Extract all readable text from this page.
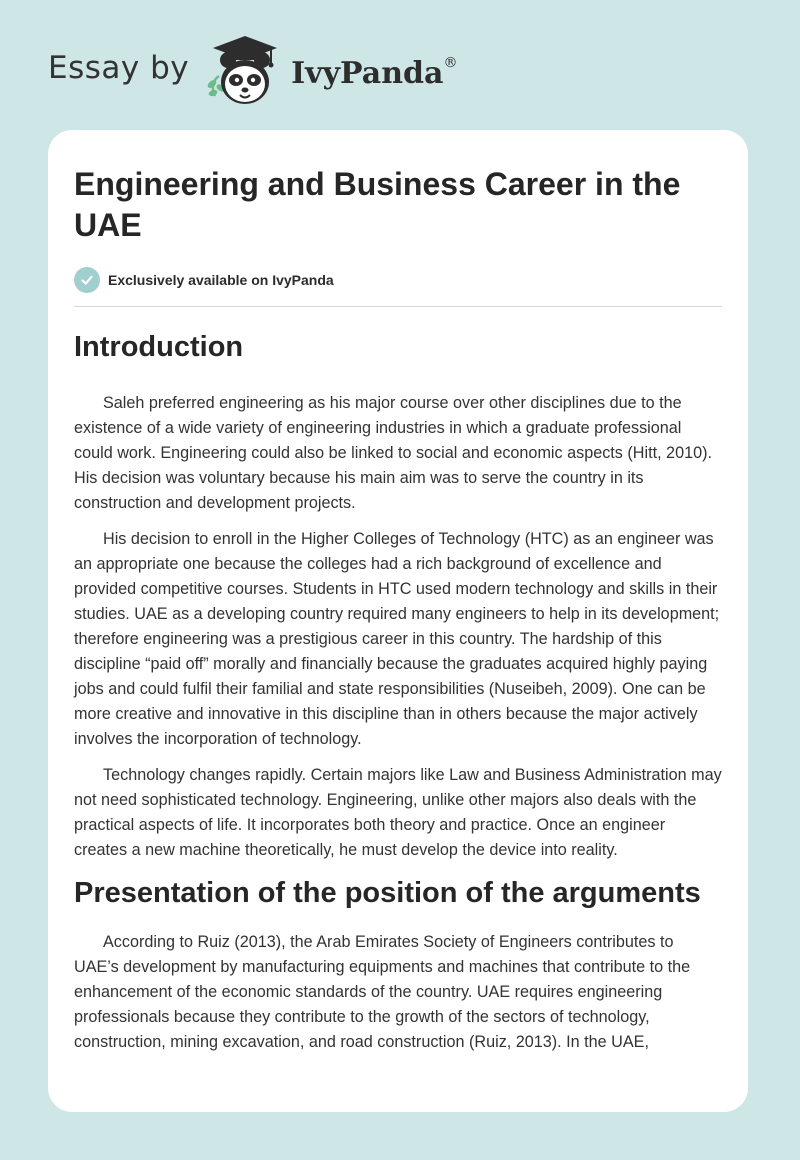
Essay by	IvyPanda®
Engineering and Business Career in the UAE
Exclusively available on IvyPanda
Introduction

Saleh preferred engineering as his major course over other disciplines due to the existence of a wide variety of engineering industries in which a graduate professional could work. Engineering could also be linked to social and economic aspects (Hitt, 2010). His decision was voluntary because his main aim was to serve the country in its construction and development projects.

His decision to enroll in the Higher Colleges of Technology (HTC) as an engineer was an appropriate one because the colleges had a rich background of excellence and provided competitive courses. Students in HTC used modern technology and skills in their studies. UAE as a developing country required many engineers to help in its development; therefore engineering was a prestigious career in this country. The hardship of this discipline “paid off” morally and financially because the graduates acquired highly paying jobs and could fulfil their familial and state responsibilities (Nuseibeh, 2009). One can be more creative and innovative in this discipline than in others because the major actively involves the incorporation of technology.

Technology changes rapidly. Certain majors like Law and Business Administration may not need sophisticated technology. Engineering, unlike other majors also deals with the practical aspects of life. It incorporates both theory and practice. Once an engineer creates a new machine theoretically, he must develop the device into reality.

Presentation of the position of the arguments

According to Ruiz (2013), the Arab Emirates Society of Engineers contributes to UAE’s development by manufacturing equipments and machines that contribute to the enhancement of the economic standards of the country. UAE requires engineering professionals because they contribute to the growth of the sectors of technology, construction, mining excavation, and road construction (Ruiz, 2013). In the UAE,
